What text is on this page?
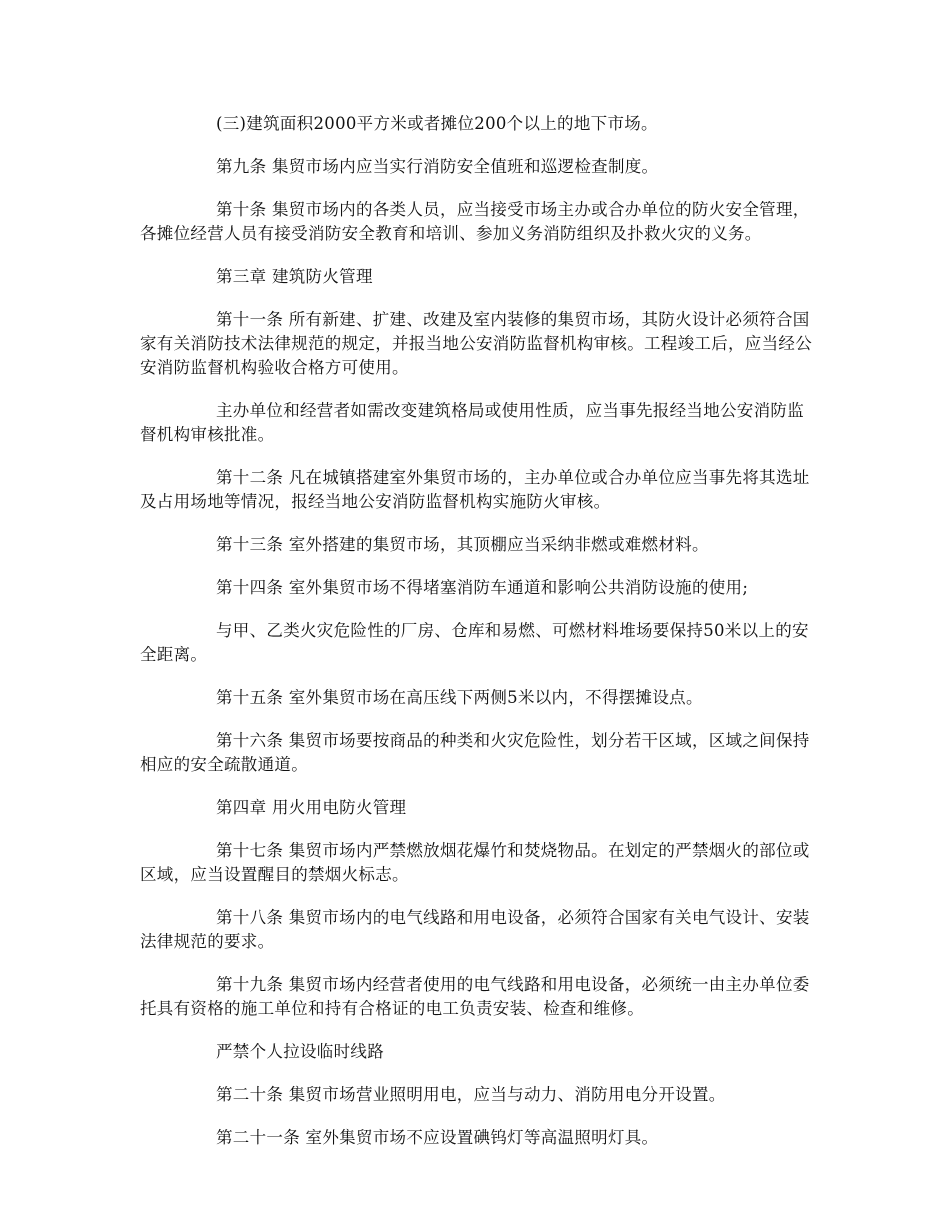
(三)建筑面积2000平方米或者摊位200个以上的地下市场。

第九条 集贸市场内应当实行消防安全值班和巡逻检查制度。

第十条 集贸市场内的各类人员，应当接受市场主办或合办单位的防火安全管理，各摊位经营人员有接受消防安全教育和培训、参加义务消防组织及扑救火灾的义务。

第三章 建筑防火管理

第十一条 所有新建、扩建、改建及室内装修的集贸市场，其防火设计必须符合国家有关消防技术法律规范的规定，并报当地公安消防监督机构审核。工程竣工后，应当经公安消防监督机构验收合格方可使用。

主办单位和经营者如需改变建筑格局或使用性质，应当事先报经当地公安消防监督机构审核批准。

第十二条 凡在城镇搭建室外集贸市场的，主办单位或合办单位应当事先将其选址及占用场地等情况，报经当地公安消防监督机构实施防火审核。

第十三条 室外搭建的集贸市场，其顶棚应当采纳非燃或难燃材料。

第十四条 室外集贸市场不得堵塞消防车通道和影响公共消防设施的使用;

与甲、乙类火灾危险性的厂房、仓库和易燃、可燃材料堆场要保持50米以上的安全距离。

第十五条 室外集贸市场在高压线下两侧5米以内，不得摆摊设点。

第十六条 集贸市场要按商品的种类和火灾危险性，划分若干区域，区域之间保持相应的安全疏散通道。

第四章 用火用电防火管理

第十七条 集贸市场内严禁燃放烟花爆竹和焚烧物品。在划定的严禁烟火的部位或区域，应当设置醒目的禁烟火标志。

第十八条 集贸市场内的电气线路和用电设备，必须符合国家有关电气设计、安装法律规范的要求。

第十九条 集贸市场内经营者使用的电气线路和用电设备，必须统一由主办单位委托具有资格的施工单位和持有合格证的电工负责安装、检查和维修。

严禁个人拉设临时线路

第二十条 集贸市场营业照明用电，应当与动力、消防用电分开设置。

第二十一条 室外集贸市场不应设置碘钨灯等高温照明灯具。
